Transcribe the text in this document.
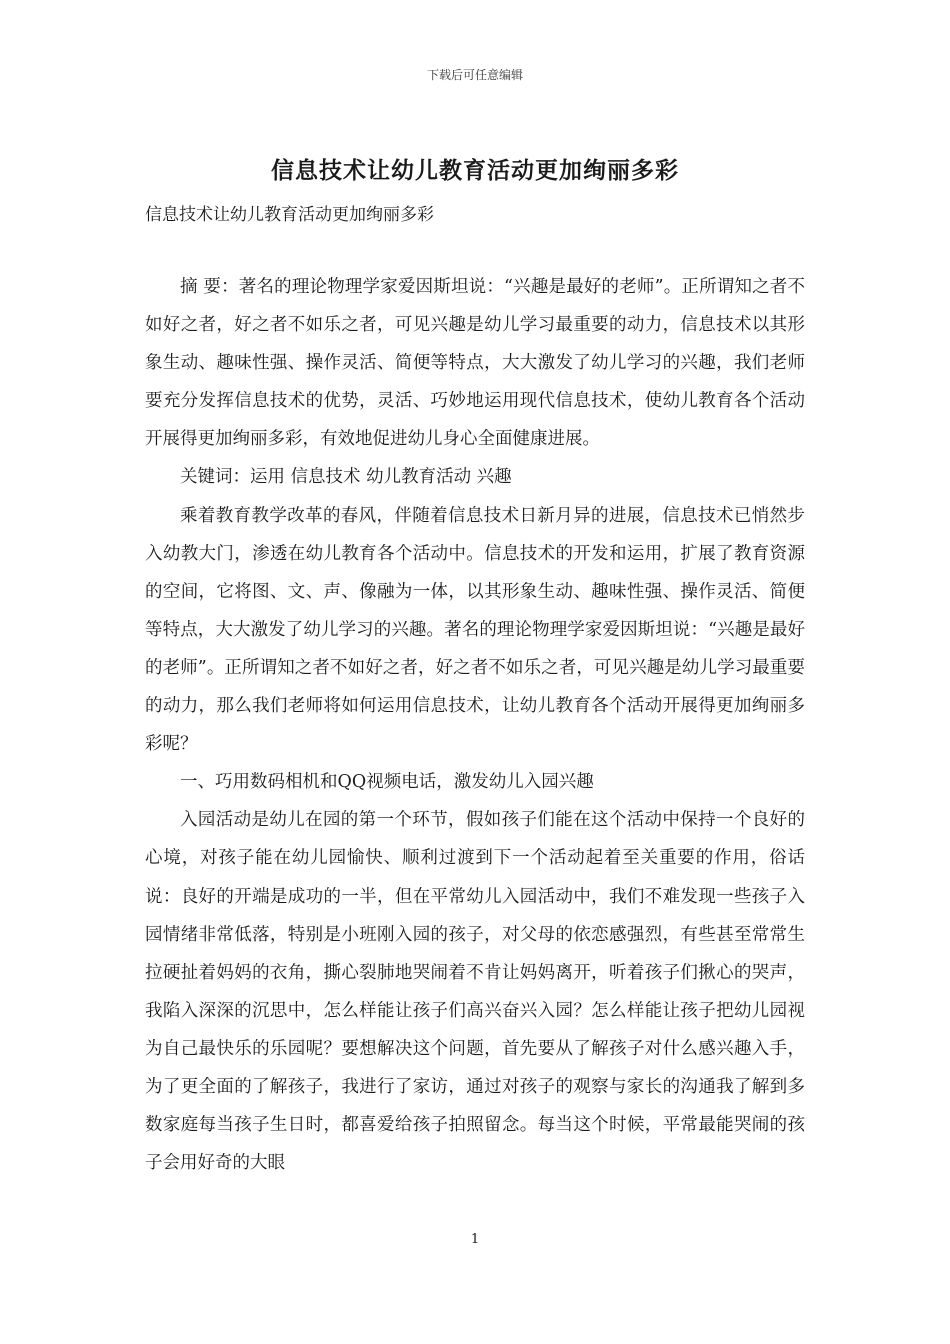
下载后可任意编辑
信息技术让幼儿教育活动更加绚丽多彩
信息技术让幼儿教育活动更加绚丽多彩

摘 要：著名的理论物理学家爱因斯坦说：“兴趣是最好的老师”。正所谓知之者不如好之者，好之者不如乐之者，可见兴趣是幼儿学习最重要的动力，信息技术以其形象生动、趣味性强、操作灵活、简便等特点，大大激发了幼儿学习的兴趣，我们老师要充分发挥信息技术的优势，灵活、巧妙地运用现代信息技术，使幼儿教育各个活动开展得更加绚丽多彩，有效地促进幼儿身心全面健康进展。

关键词：运用 信息技术 幼儿教育活动 兴趣

乘着教育教学改革的春风，伴随着信息技术日新月异的进展，信息技术已悄然步入幼教大门，渗透在幼儿教育各个活动中。信息技术的开发和运用，扩展了教育资源的空间，它将图、文、声、像融为一体，以其形象生动、趣味性强、操作灵活、简便等特点，大大激发了幼儿学习的兴趣。著名的理论物理学家爱因斯坦说：“兴趣是最好的老师”。正所谓知之者不如好之者，好之者不如乐之者，可见兴趣是幼儿学习最重要的动力，那么我们老师将如何运用信息技术，让幼儿教育各个活动开展得更加绚丽多彩呢？

一、巧用数码相机和QQ视频电话，激发幼儿入园兴趣

入园活动是幼儿在园的第一个环节，假如孩子们能在这个活动中保持一个良好的心境，对孩子能在幼儿园愉快、顺利过渡到下一个活动起着至关重要的作用，俗话说：良好的开端是成功的一半，但在平常幼儿入园活动中，我们不难发现一些孩子入园情绪非常低落，特别是小班刚入园的孩子，对父母的依恋感强烈，有些甚至常常生拉硬扯着妈妈的衣角，撕心裂肺地哭闹着不肯让妈妈离开，听着孩子们揪心的哭声，我陷入深深的沉思中，怎么样能让孩子们高兴奋兴入园？怎么样能让孩子把幼儿园视为自己最快乐的乐园呢？要想解决这个问题，首先要从了解孩子对什么感兴趣入手，为了更全面的了解孩子，我进行了家访，通过对孩子的观察与家长的沟通我了解到多数家庭每当孩子生日时，都喜爱给孩子拍照留念。每当这个时候，平常最能哭闹的孩子会用好奇的大眼

1
